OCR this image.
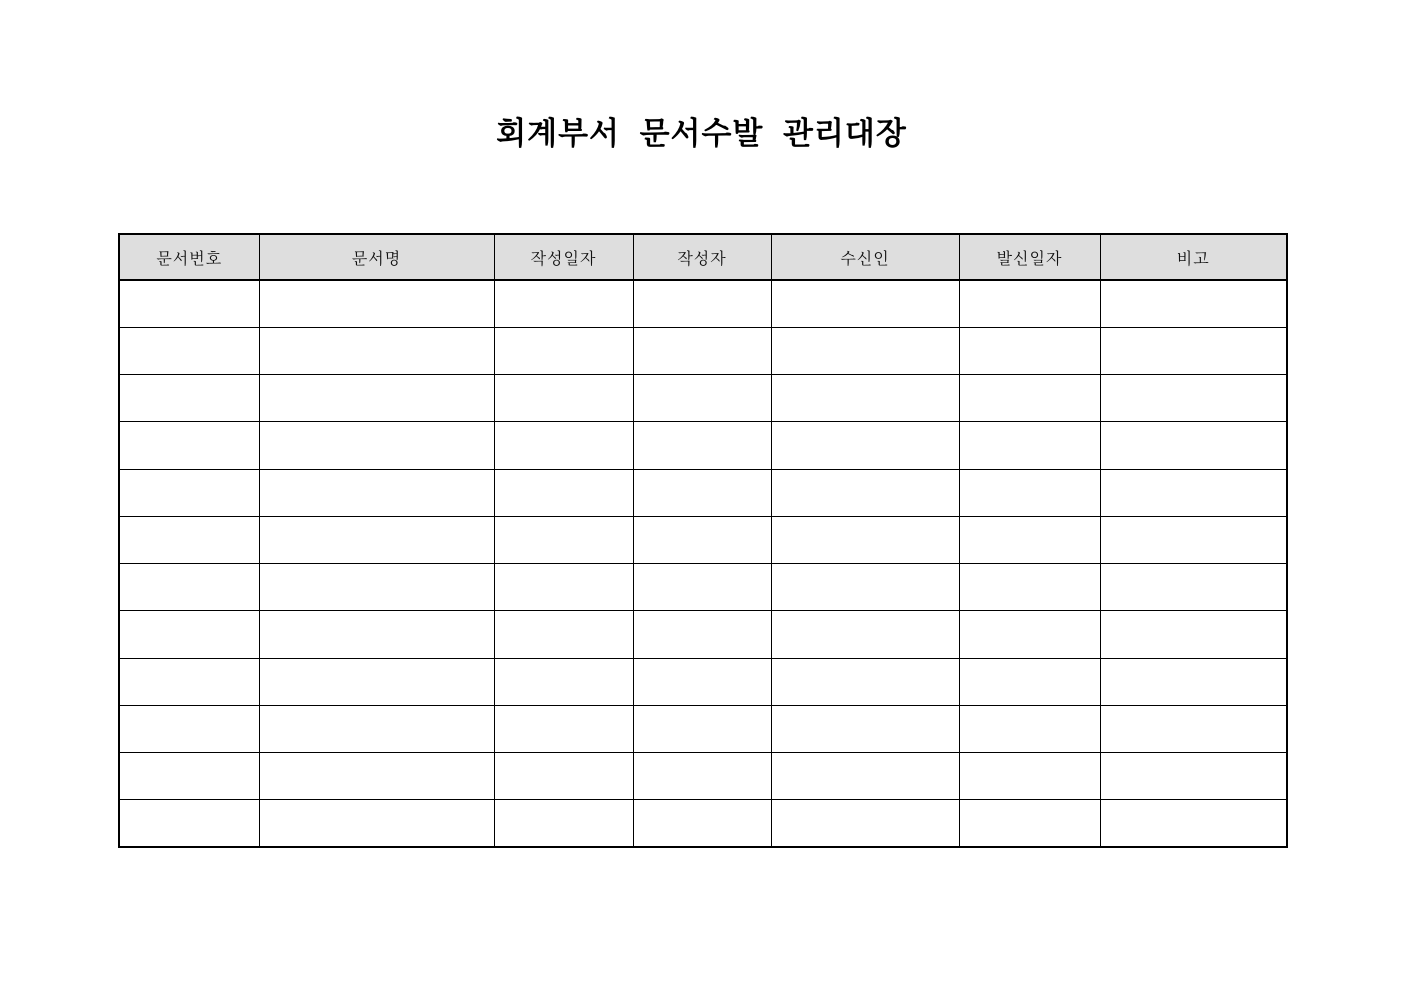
회계부서 문서수발 관리대장
문서번호	문서명	작성일자	작성자	수신인	발신일자	비고
